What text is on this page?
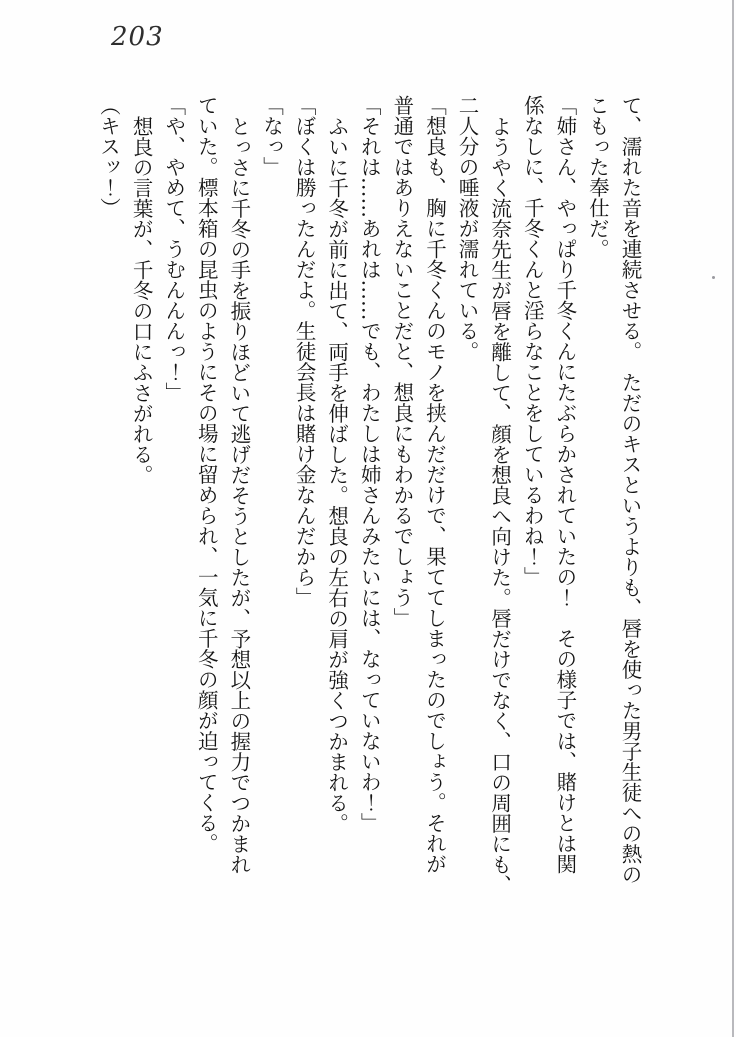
203

て、濡れた音を連続させる。　ただのキスというよりも、唇を使った男子生徒への熱の

こもった奉仕だ。

「姉さん、やっぱり千冬くんにたぶらかされていたの！　その様子では、賭けとは関

係なしに、千冬くんと淫らなことをしているわね！」

ようやく流奈先生が唇を離して、顔を想良へ向けた。唇だけでなく、口の周囲にも、

二人分の唾液が濡れている。

「想良も、胸に千冬くんのモノを挟んだだけで、果ててしまったのでしょう。それが

普通ではありえないことだと、想良にもわかるでしょう」

「それは……あれは……でも、わたしは姉さんみたいには、なっていないわ！」

ふいに千冬が前に出て、両手を伸ばした。想良の左右の肩が強くつかまれる。

「ぼくは勝ったんだよ。生徒会長は賭け金なんだから」

「なっ」

とっさに千冬の手を振りほどいて逃げだそうとしたが、予想以上の握力でつかまれ

ていた。標本箱の昆虫のようにその場に留められ、一気に千冬の顔が迫ってくる。

「や、やめて、うむんんんっ！」

想良の言葉が、千冬の口にふさがれる。

（キスッ！）
